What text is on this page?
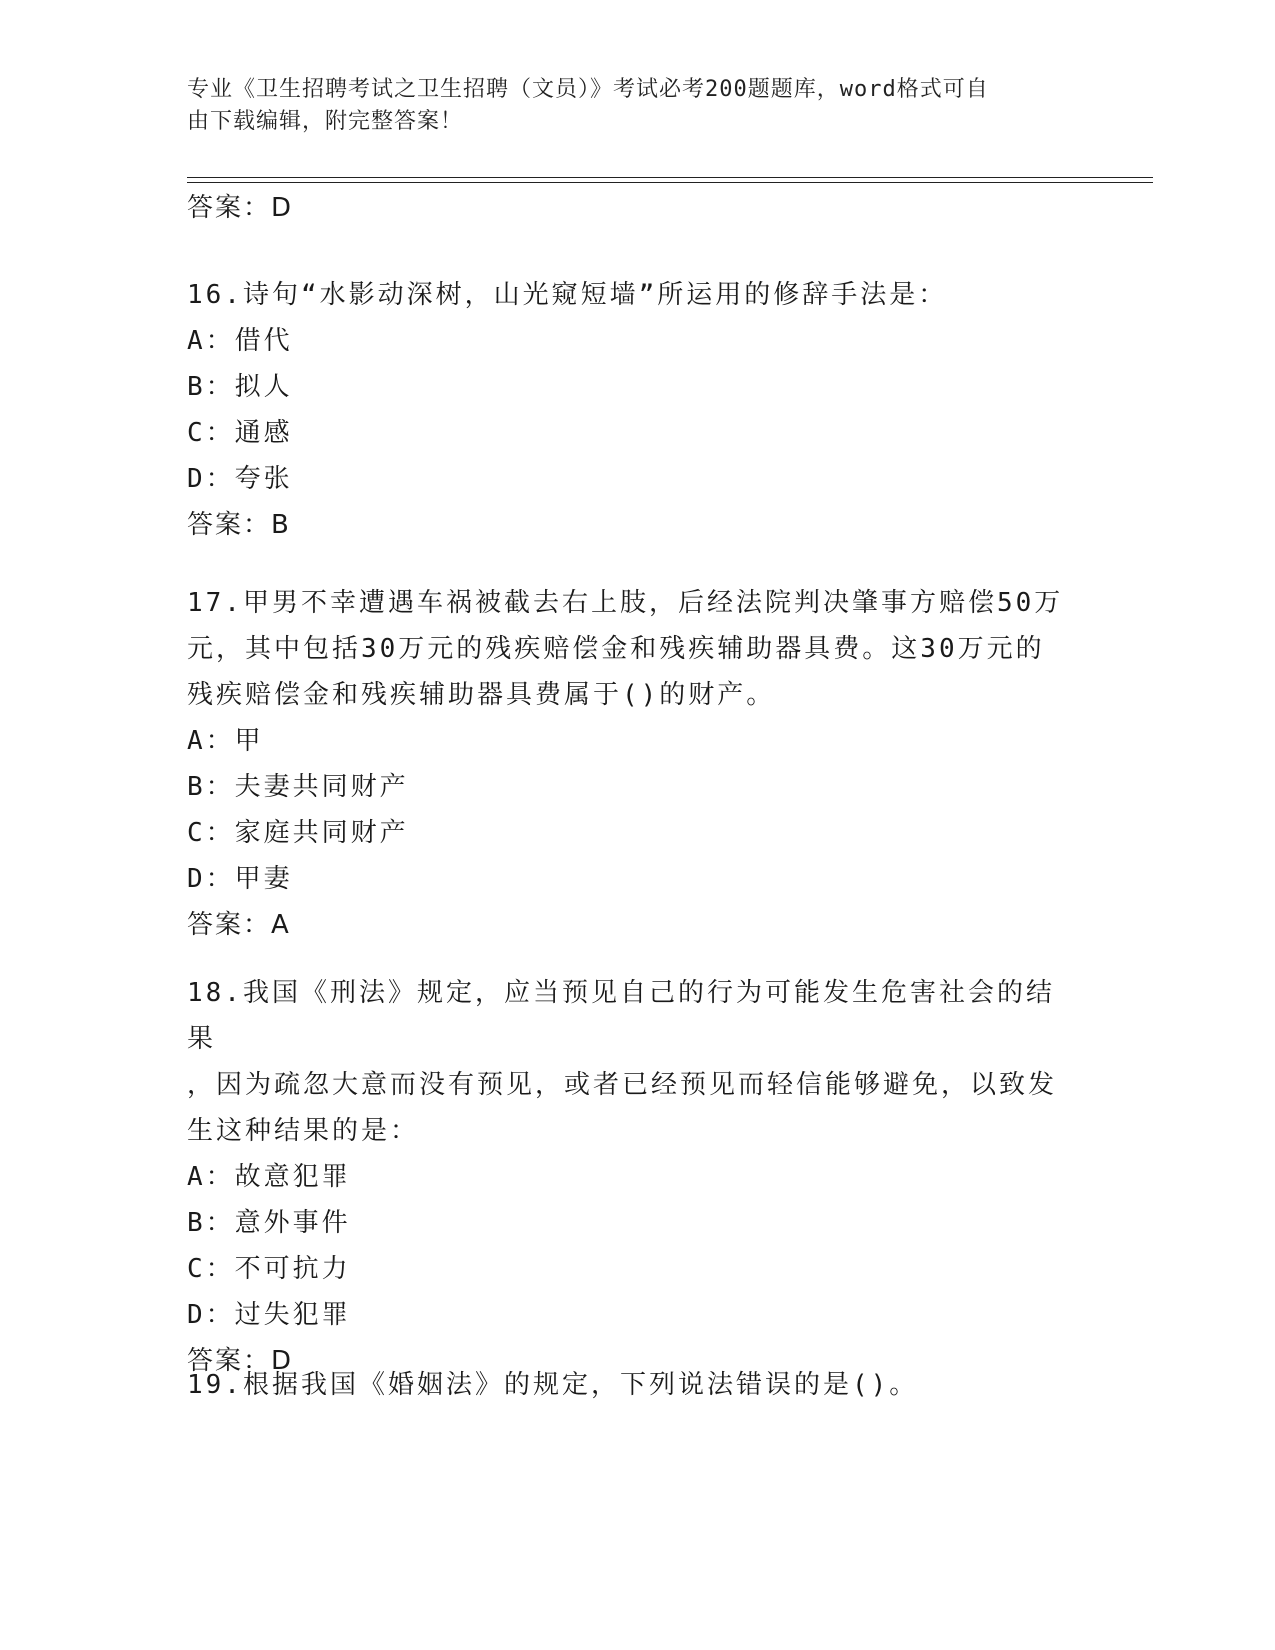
专业《卫生招聘考试之卫生招聘（文员）》考试必考200题题库，word格式可自
由下载编辑，附完整答案！
答案：D
16.诗句“水影动深树，山光窥短墙”所运用的修辞手法是：
A：借代
B：拟人
C：通感
D：夸张
答案：B
17.甲男不幸遭遇车祸被截去右上肢，后经法院判决肇事方赔偿50万
元，其中包括30万元的残疾赔偿金和残疾辅助器具费。这30万元的
残疾赔偿金和残疾辅助器具费属于()的财产。
A：甲
B：夫妻共同财产
C：家庭共同财产
D：甲妻
答案：A
18.我国《刑法》规定，应当预见自己的行为可能发生危害社会的结果
，因为疏忽大意而没有预见，或者已经预见而轻信能够避免，以致发
生这种结果的是：
A：故意犯罪
B：意外事件
C：不可抗力
D：过失犯罪
答案：D
19.根据我国《婚姻法》的规定，下列说法错误的是()。
